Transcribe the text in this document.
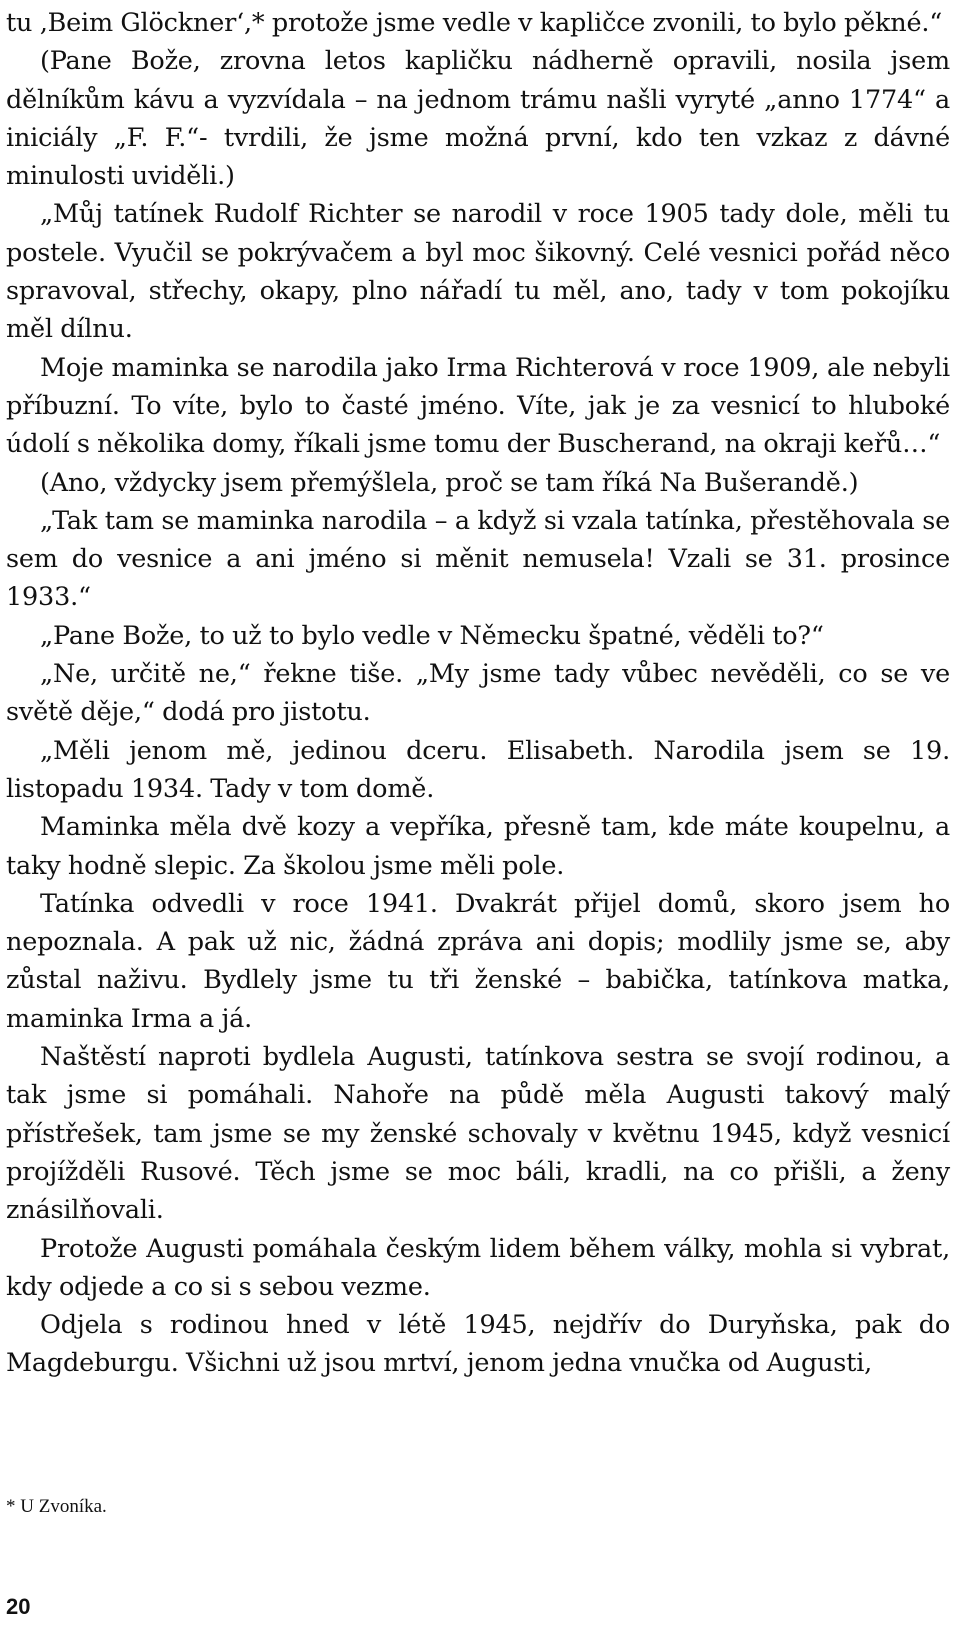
tu ‚Beim Glöckner‘,* protože jsme vedle v kapličce zvonili, to bylo pěkné.“

(Pane Bože, zrovna letos kapličku nádherně opravili, nosila jsem dělníkům kávu a vyzvídala – na jednom trámu našli vyryté „anno 1774“ a iniciály „F. F.“- tvrdili, že jsme možná první, kdo ten vzkaz z dávné minulosti uviděli.)

„Můj tatínek Rudolf Richter se narodil v roce 1905 tady dole, měli tu postele. Vyučil se pokrývačem a byl moc šikovný. Celé vesnici pořád něco spravoval, střechy, okapy, plno nářadí tu měl, ano, tady v tom pokojíku měl dílnu.

Moje maminka se narodila jako Irma Richterová v roce 1909, ale nebyli příbuzní. To víte, bylo to časté jméno. Víte, jak je za vesnicí to hluboké údolí s několika domy, říkali jsme tomu der Buscherand, na okraji keřů…“

(Ano, vždycky jsem přemýšlela, proč se tam říká Na Bušerandě.)

„Tak tam se maminka narodila – a když si vzala tatínka, přestěhovala se sem do vesnice a ani jméno si měnit nemusela! Vzali se 31. prosince 1933.“

„Pane Bože, to už to bylo vedle v Německu špatné, věděli to?“

„Ne, určitě ne,“ řekne tiše. „My jsme tady vůbec nevěděli, co se ve světě děje,“ dodá pro jistotu.

„Měli jenom mě, jedinou dceru. Elisabeth. Narodila jsem se 19. listopadu 1934. Tady v tom domě.

Maminka měla dvě kozy a vepříka, přesně tam, kde máte koupelnu, a taky hodně slepic. Za školou jsme měli pole.

Tatínka odvedli v roce 1941. Dvakrát přijel domů, skoro jsem ho nepoznala. A pak už nic, žádná zpráva ani dopis; modlily jsme se, aby zůstal naživu. Bydlely jsme tu tři ženské – babička, tatínkova matka, maminka Irma a já.

Naštěstí naproti bydlela Augusti, tatínkova sestra se svojí rodinou, a tak jsme si pomáhali. Nahoře na půdě měla Augusti takový malý přístřešek, tam jsme se my ženské schovaly v květnu 1945, když vesnicí projížděli Rusové. Těch jsme se moc báli, kradli, na co přišli, a ženy znásilňovali.

Protože Augusti pomáhala českým lidem během války, mohla si vybrat, kdy odjede a co si s sebou vezme.

Odjela s rodinou hned v létě 1945, nejdřív do Duryňska, pak do Magdeburgu. Všichni už jsou mrtví, jenom jedna vnučka od Augusti,

* U Zvoníka.
20
